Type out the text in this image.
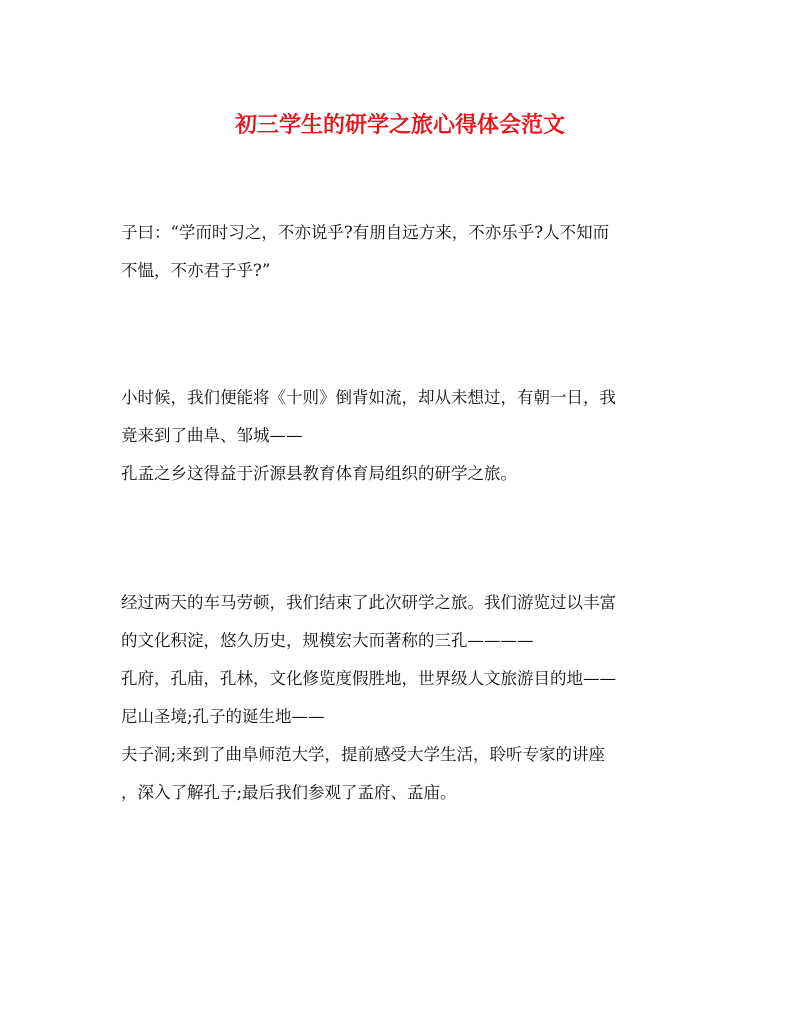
初三学生的研学之旅心得体会范文
子曰：“学而时习之，不亦说乎?有朋自远方来，不亦乐乎?人不知而
不愠，不亦君子乎?”
小时候，我们便能将《十则》倒背如流，却从未想过，有朝一日，我
竟来到了曲阜、邹城——
孔孟之乡这得益于沂源县教育体育局组织的研学之旅。
经过两天的车马劳顿，我们结束了此次研学之旅。我们游览过以丰富
的文化积淀，悠久历史，规模宏大而著称的三孔————
孔府，孔庙，孔林，文化修览度假胜地，世界级人文旅游目的地——
尼山圣境;孔子的诞生地——
夫子洞;来到了曲阜师范大学，提前感受大学生活，聆听专家的讲座
，深入了解孔子;最后我们参观了孟府、孟庙。
